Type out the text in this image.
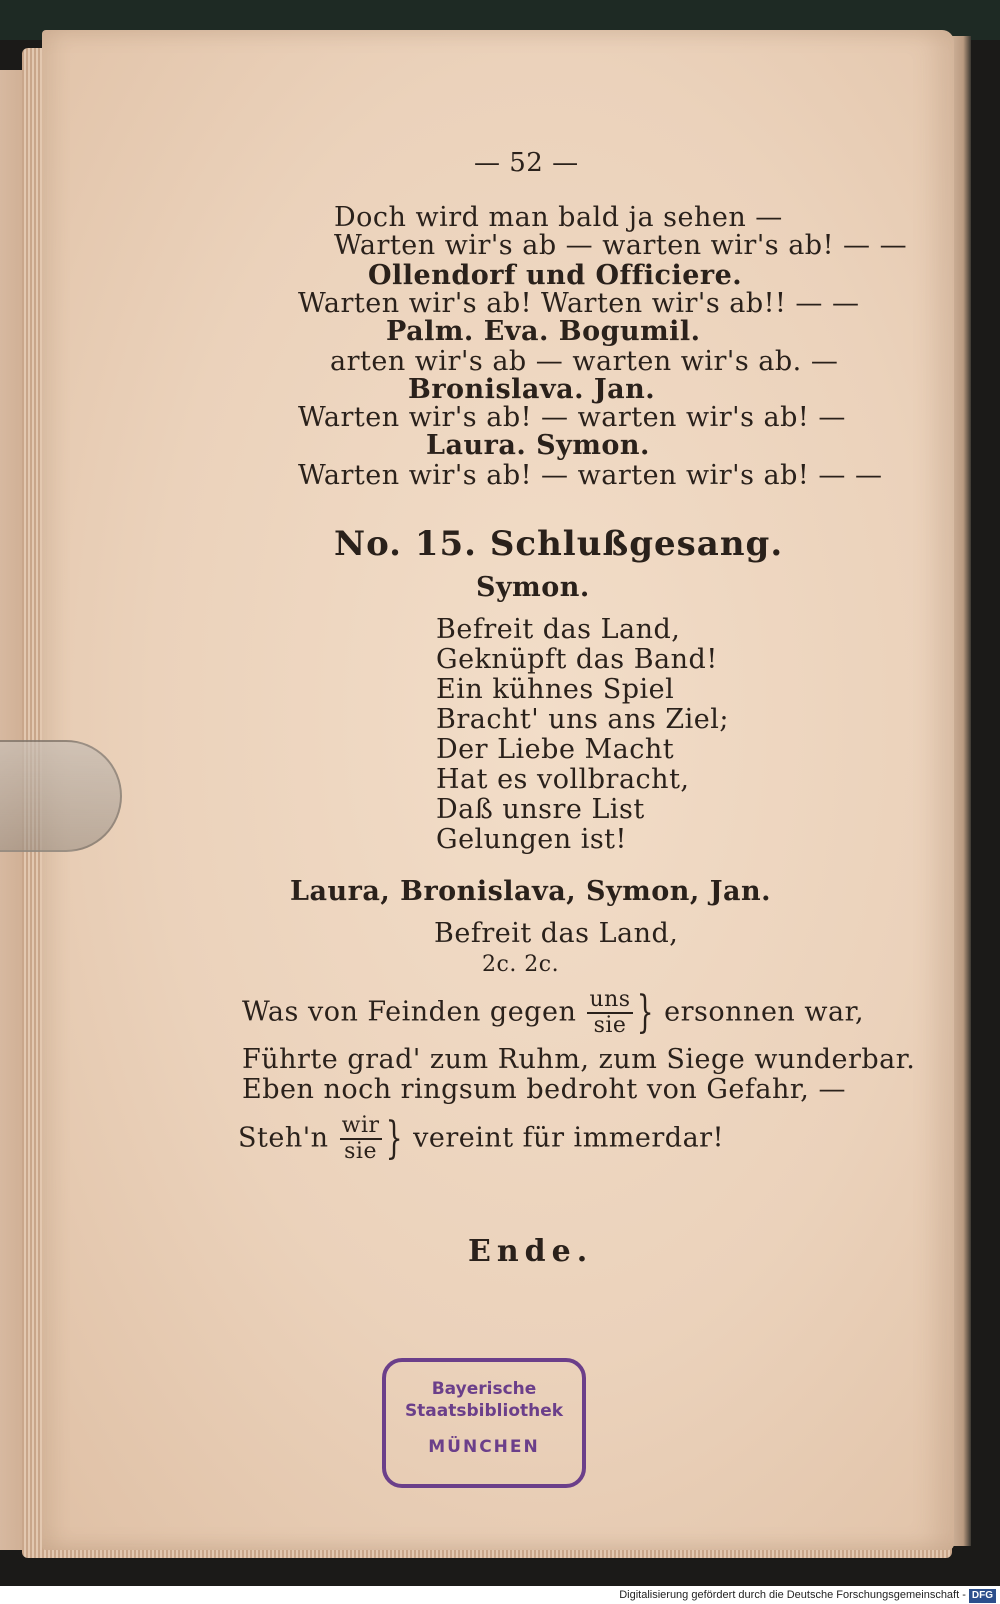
— 52 —
Doch wird man bald ja sehen —
Warten wir's ab — warten wir's ab! — —
Ollendorf und Officiere.
Warten wir's ab! Warten wir's ab!! — —
Palm. Eva. Bogumil.
arten wir's ab — warten wir's ab. —
Bronislava. Jan.
Warten wir's ab! — warten wir's ab! —
Laura. Symon.
Warten wir's ab! — warten wir's ab! — —
No. 15. Schlußgesang.
Symon.
Befreit das Land,
Geknüpft das Band!
Ein kühnes Spiel
Bracht' uns ans Ziel;
Der Liebe Macht
Hat es vollbracht,
Daß unsre List
Gelungen ist!
Laura, Bronislava, Symon, Jan.
Befreit das Land,
2c. 2c.
Was von Feinden gegen $\frac{\text{uns}}{\text{sie}}$ } ersonnen war,
Führte grad' zum Ruhm, zum Siege wunderbar.
Eben noch ringsum bedroht von Gefahr, —
Steh'n $\frac{\text{wir}}{\text{sie}}$ } vereint für immerdar!
Ende.
Bayerische
Staatsbibliothek
MÜNCHEN
Digitalisierung gefördert durch die Deutsche Forschungsgemeinschaft - DFG
